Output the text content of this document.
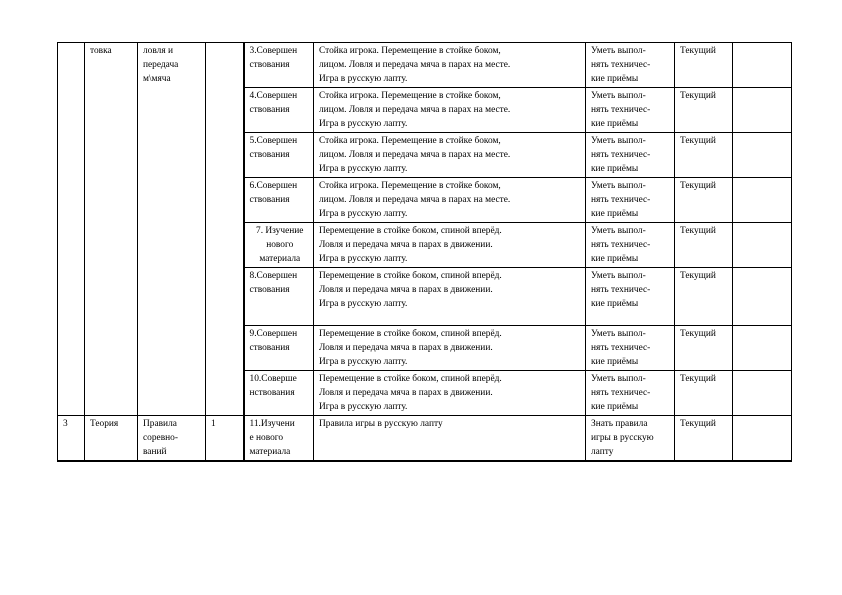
	товка	ловля и
передача
м\мяча		3.Совершен
ствования	Стойка игрока. Перемещение в стойке боком,
лицом. Ловля и передача мяча в парах на месте.
Игра в русскую лапту.	Уметь выпол-
нять техничес-
кие приёмы	Текущий	

				4.Совершен
ствования	Стойка игрока. Перемещение в стойке боком,
лицом. Ловля и передача мяча в парах на месте.
Игра в русскую лапту.	Уметь выпол-
нять техничес-
кие приёмы	Текущий	

				5.Совершен
ствования	Стойка игрока. Перемещение в стойке боком,
лицом. Ловля и передача мяча в парах на месте.
Игра в русскую лапту.	Уметь выпол-
нять техничес-
кие приёмы	Текущий	

				6.Совершен
ствования	Стойка игрока. Перемещение в стойке боком,
лицом. Ловля и передача мяча в парах на месте.
Игра в русскую лапту.	Уметь выпол-
нять техничес-
кие приёмы	Текущий	

				7. Изучение
нового
материала	Перемещение в стойке боком, спиной вперёд.
Ловля и передача мяча в парах в движении.
Игра в русскую лапту.	Уметь выпол-
нять техничес-
кие приёмы	Текущий	

				8.Совершен
ствования	Перемещение в стойке боком, спиной вперёд.
Ловля и передача мяча в парах в движении.
Игра в русскую лапту.	Уметь выпол-
нять техничес-
кие приёмы	Текущий	

				9.Совершен
ствования	Перемещение в стойке боком, спиной вперёд.
Ловля и передача мяча в парах в движении.
Игра в русскую лапту.	Уметь выпол-
нять техничес-
кие приёмы	Текущий	

				10.Соверше
нствования	Перемещение в стойке боком, спиной вперёд.
Ловля и передача мяча в парах в движении.
Игра в русскую лапту.	Уметь выпол-
нять техничес-
кие приёмы	Текущий	
3	Теория	Правила
соревно-
ваний	1	11.Изучени
е нового
материала	Правила игры в русскую лапту	Знать правила
игры в русскую
лапту	Текущий	
